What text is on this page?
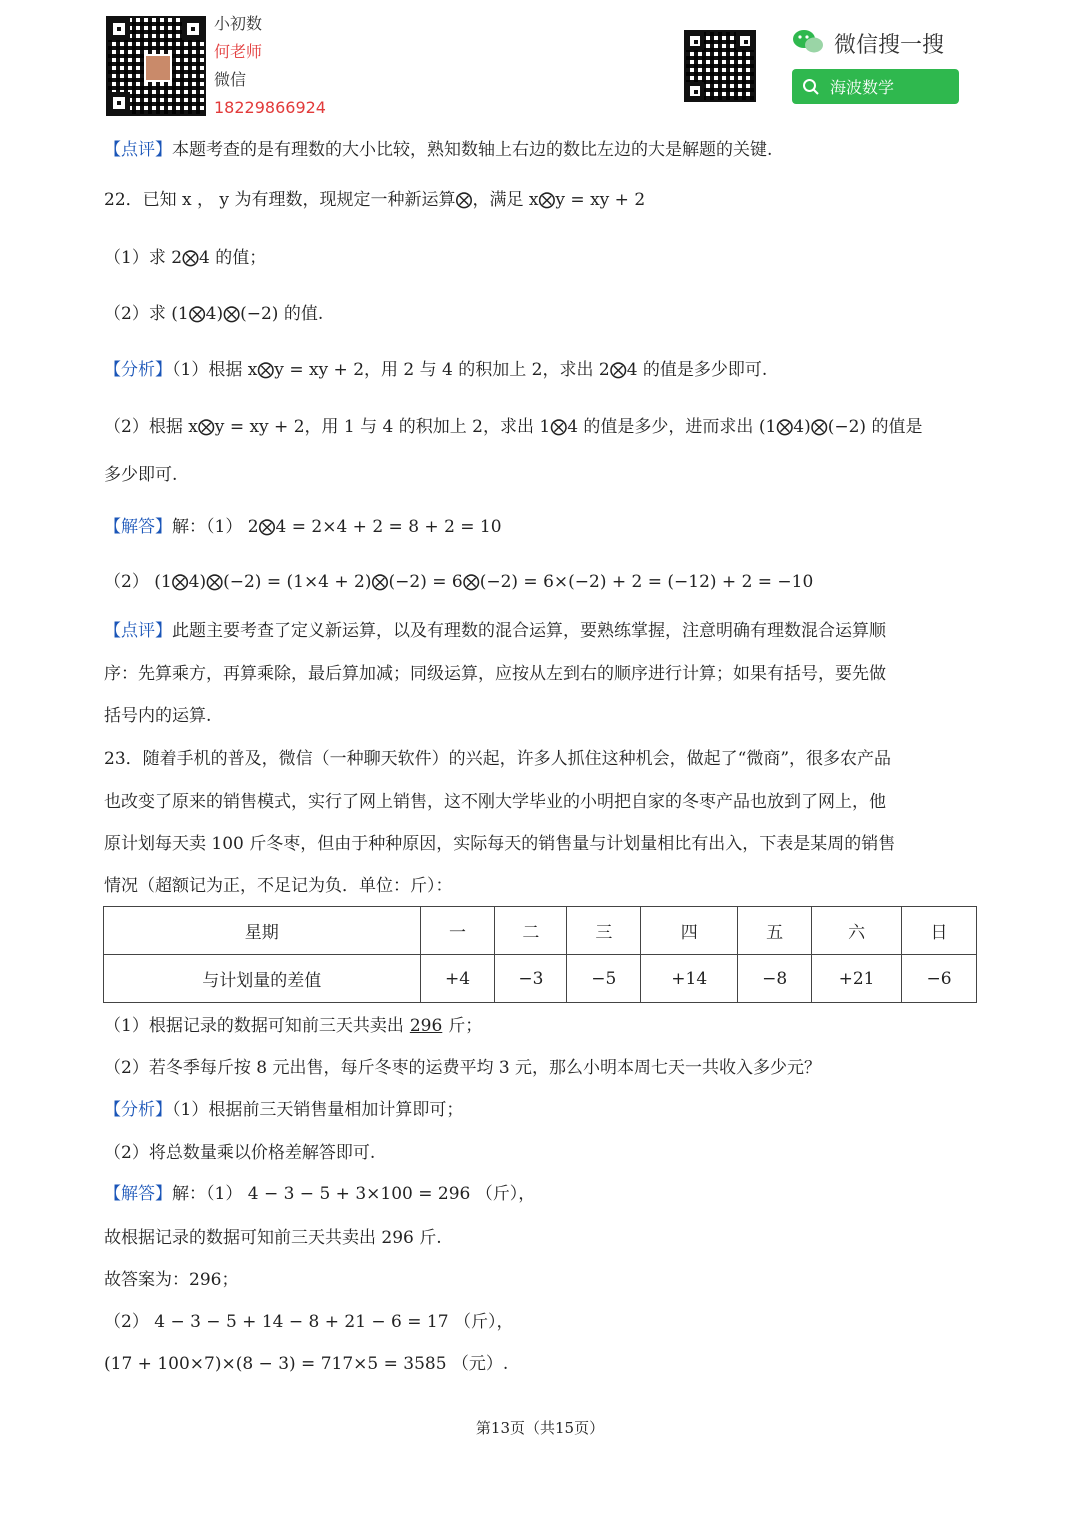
小初数
何老师
微信
18229866924
微信搜一搜
海波数学
【点评】本题考查的是有理数的大小比较，熟知数轴上右边的数比左边的大是解题的关键.
22．已知 x ， y 为有理数，现规定一种新运算⨂，满足 x⨂y = xy + 2
（1）求 2⨂4 的值；
（2）求 (1⨂4)⨂(−2) 的值.
【分析】（1）根据 x⨂y = xy + 2，用 2 与 4 的积加上 2，求出 2⨂4 的值是多少即可.
（2）根据 x⨂y = xy + 2，用 1 与 4 的积加上 2，求出 1⨂4 的值是多少，进而求出 (1⨂4)⨂(−2) 的值是
多少即可.
【解答】解：（1） 2⨂4 = 2×4 + 2 = 8 + 2 = 10
（2） (1⨂4)⨂(−2) = (1×4 + 2)⨂(−2) = 6⨂(−2) = 6×(−2) + 2 = (−12) + 2 = −10
【点评】此题主要考查了定义新运算，以及有理数的混合运算，要熟练掌握，注意明确有理数混合运算顺
序：先算乘方，再算乘除，最后算加减；同级运算，应按从左到右的顺序进行计算；如果有括号，要先做
括号内的运算.
23．随着手机的普及，微信（一种聊天软件）的兴起，许多人抓住这种机会，做起了“微商”，很多农产品
也改变了原来的销售模式，实行了网上销售，这不刚大学毕业的小明把自家的冬枣产品也放到了网上，他
原计划每天卖 100 斤冬枣，但由于种种原因，实际每天的销售量与计划量相比有出入，下表是某周的销售
情况（超额记为正，不足记为负．单位：斤）：
星期	一	二	三	四	五	六	日
与计划量的差值	+4	−3	−5	+14	−8	+21	−6
（1）根据记录的数据可知前三天共卖出 296 斤；
（2）若冬季每斤按 8 元出售，每斤冬枣的运费平均 3 元，那么小明本周七天一共收入多少元？
【分析】（1）根据前三天销售量相加计算即可；
（2）将总数量乘以价格差解答即可.
【解答】解：（1） 4 − 3 − 5 + 3×100 = 296 （斤），
故根据记录的数据可知前三天共卖出 296 斤.
故答案为：296；
（2） 4 − 3 − 5 + 14 − 8 + 21 − 6 = 17 （斤），
(17 + 100×7)×(8 − 3) = 717×5 = 3585 （元）.
第13页（共15页）
